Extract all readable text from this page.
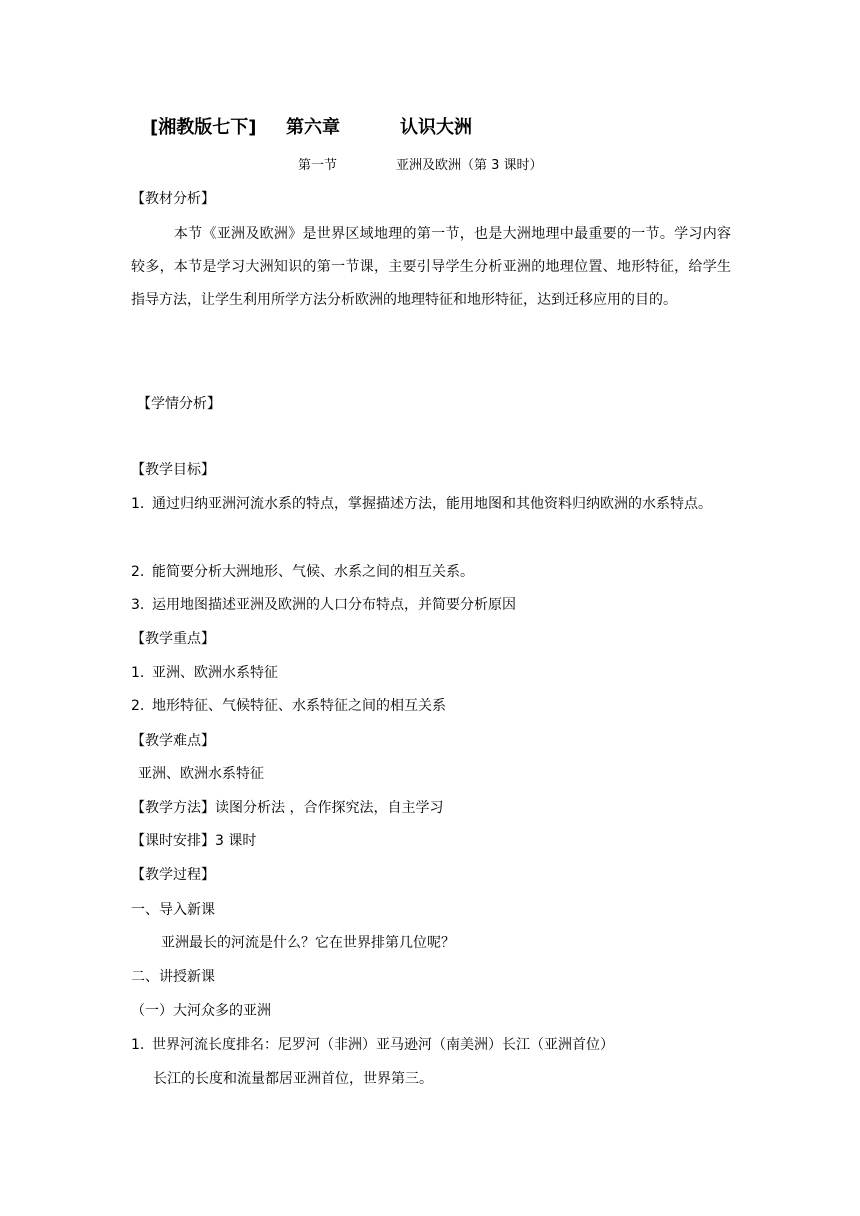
[湘教版七下] 第六章	认识大洲
第一节	亚洲及欧洲（第 3 课时）
【教材分析】
　　　本节《亚洲及欧洲》是世界区域地理的第一节，也是大洲地理中最重要的一节。学习内容较多，本节是学习大洲知识的第一节课，主要引导学生分析亚洲的地理位置、地形特征，给学生指导方法，让学生利用所学方法分析欧洲的地理特征和地形特征，达到迁移应用的目的。
【学情分析】
【教学目标】
1. 通过归纳亚洲河流水系的特点，掌握描述方法，能用地图和其他资料归纳欧洲的水系特点。
2. 能简要分析大洲地形、气候、水系之间的相互关系。
3. 运用地图描述亚洲及欧洲的人口分布特点，并简要分析原因
【教学重点】
1. 亚洲、欧洲水系特征
2. 地形特征、气候特征、水系特征之间的相互关系
【教学难点】
亚洲、欧洲水系特征
【教学方法】读图分析法 ，合作探究法，自主学习
【课时安排】3 课时
【教学过程】
一、导入新课
亚洲最长的河流是什么？它在世界排第几位呢？
二、讲授新课
（一）大河众多的亚洲
1. 世界河流长度排名：尼罗河（非洲）亚马逊河（南美洲）长江（亚洲首位）
长江的长度和流量都居亚洲首位，世界第三。
